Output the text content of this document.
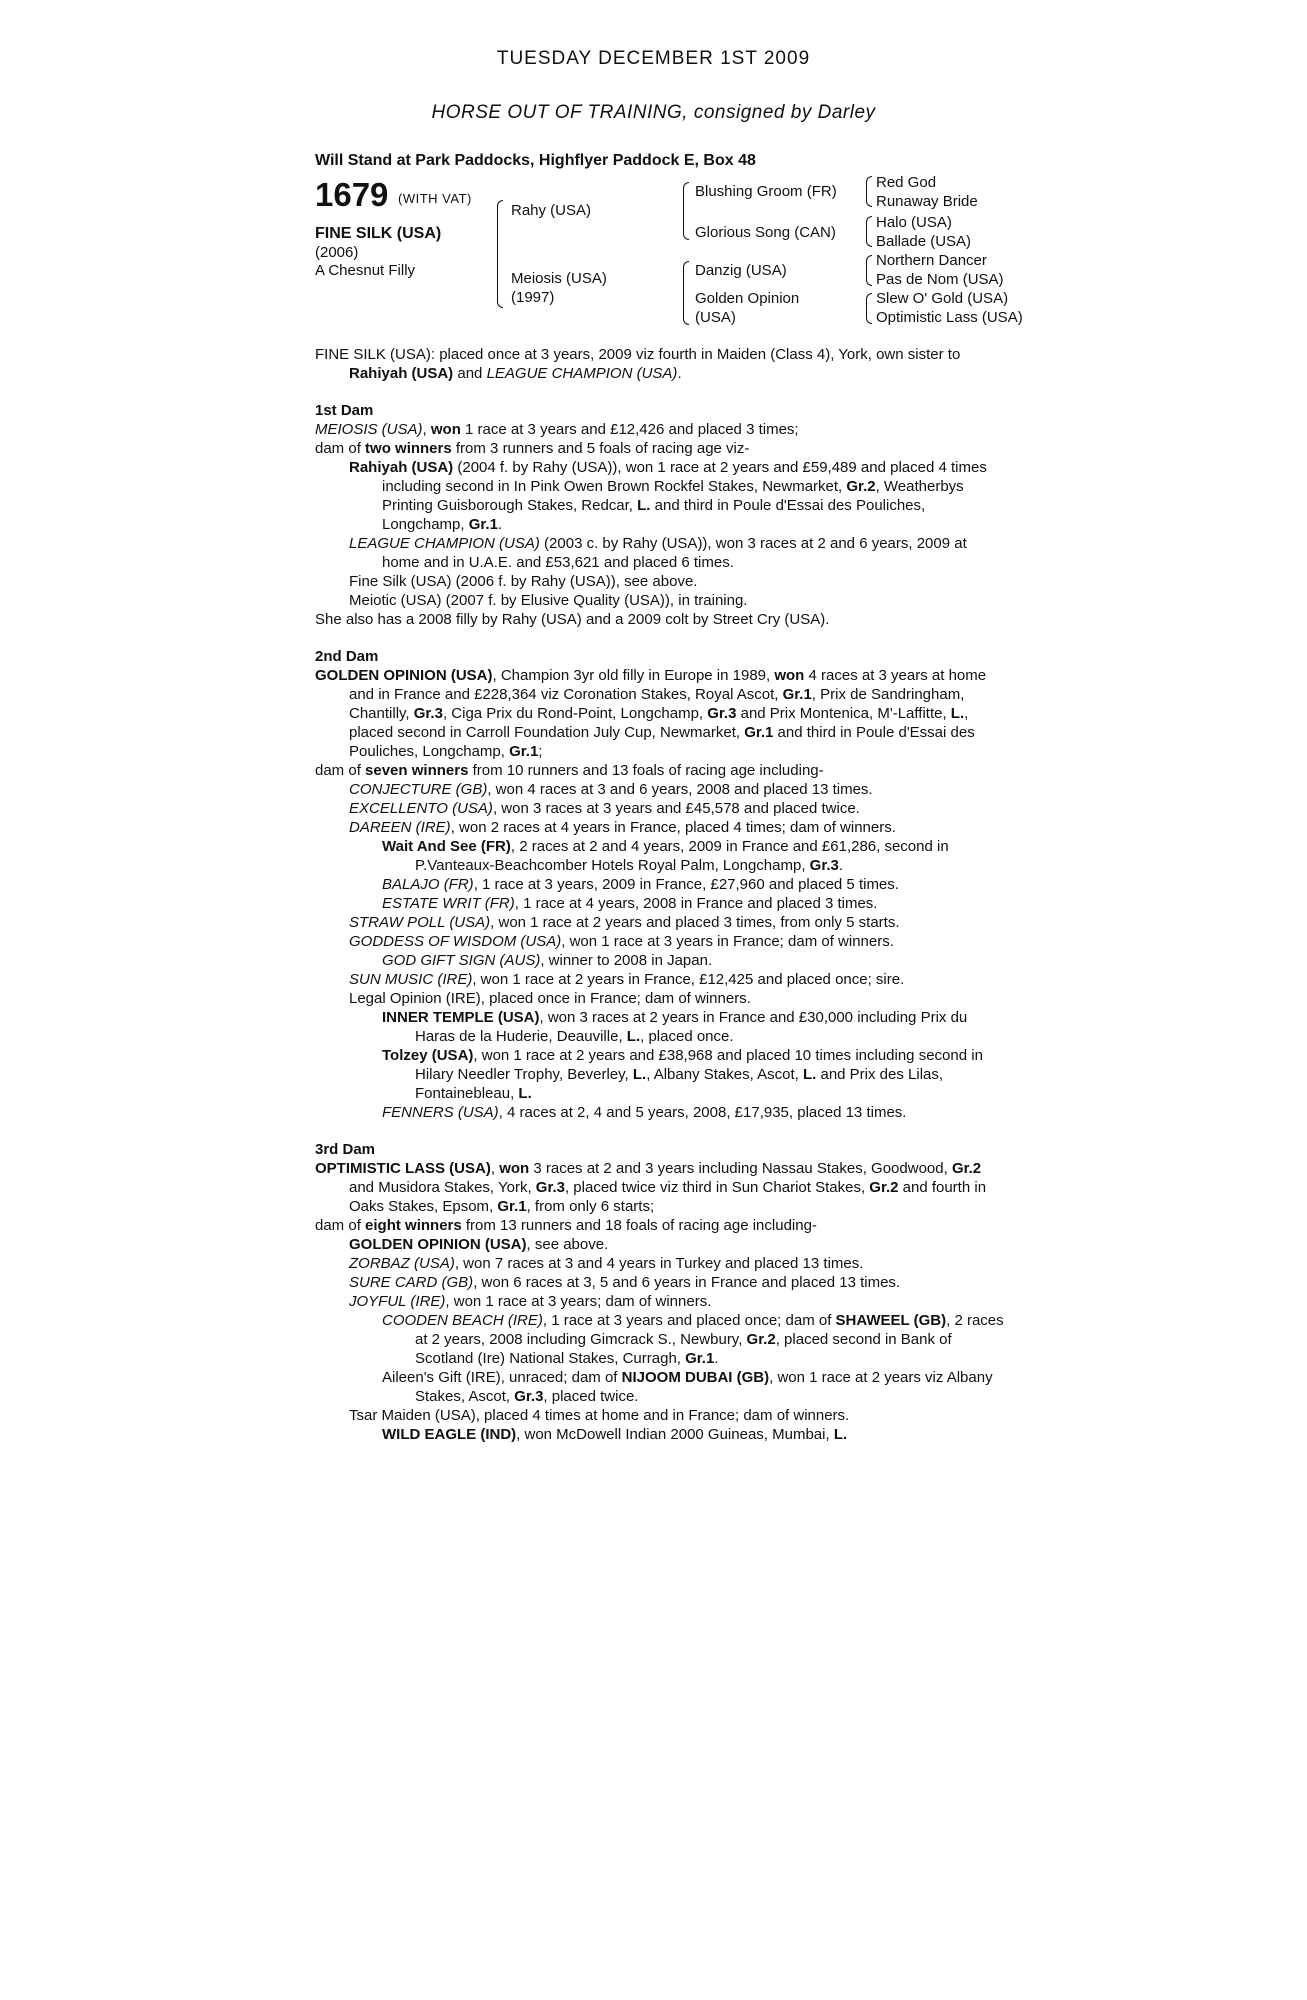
TUESDAY DECEMBER 1ST 2009
HORSE OUT OF TRAINING, consigned by Darley
Will Stand at Park Paddocks, Highflyer Paddock E, Box 48
1679 (WITH VAT)
FINE SILK (USA)
(2006)
A Chesnut Filly
Rahy (USA)
Meiosis (USA)
(1997)
Blushing Groom (FR)
Glorious Song (CAN)
Danzig (USA)
Golden Opinion
(USA)
Red God
Runaway Bride
Halo (USA)
Ballade (USA)
Northern Dancer
Pas de Nom (USA)
Slew O' Gold (USA)
Optimistic Lass (USA)

FINE SILK (USA): placed once at 3 years, 2009 viz fourth in Maiden (Class 4), York, own sister to Rahiyah (USA) and LEAGUE CHAMPION (USA).

1st Dam

MEIOSIS (USA), won 1 race at 3 years and £12,426 and placed 3 times;

dam of two winners from 3 runners and 5 foals of racing age viz-

Rahiyah (USA) (2004 f. by Rahy (USA)), won 1 race at 2 years and £59,489 and placed 4 times including second in In Pink Owen Brown Rockfel Stakes, Newmarket, Gr.2, Weatherbys Printing Guisborough Stakes, Redcar, L. and third in Poule d'Essai des Pouliches, Longchamp, Gr.1.

LEAGUE CHAMPION (USA) (2003 c. by Rahy (USA)), won 3 races at 2 and 6 years, 2009 at home and in U.A.E. and £53,621 and placed 6 times.

Fine Silk (USA) (2006 f. by Rahy (USA)), see above.

Meiotic (USA) (2007 f. by Elusive Quality (USA)), in training.

She also has a 2008 filly by Rahy (USA) and a 2009 colt by Street Cry (USA).

2nd Dam

GOLDEN OPINION (USA), Champion 3yr old filly in Europe in 1989, won 4 races at 3 years at home and in France and £228,364 viz Coronation Stakes, Royal Ascot, Gr.1, Prix de Sandringham, Chantilly, Gr.3, Ciga Prix du Rond-Point, Longchamp, Gr.3 and Prix Montenica, M'-Laffitte, L., placed second in Carroll Foundation July Cup, Newmarket, Gr.1 and third in Poule d'Essai des Pouliches, Longchamp, Gr.1;

dam of seven winners from 10 runners and 13 foals of racing age including-

CONJECTURE (GB), won 4 races at 3 and 6 years, 2008 and placed 13 times.

EXCELLENTO (USA), won 3 races at 3 years and £45,578 and placed twice.

DAREEN (IRE), won 2 races at 4 years in France, placed 4 times; dam of winners.

Wait And See (FR), 2 races at 2 and 4 years, 2009 in France and £61,286, second in P.Vanteaux-Beachcomber Hotels Royal Palm, Longchamp, Gr.3.

BALAJO (FR), 1 race at 3 years, 2009 in France, £27,960 and placed 5 times.

ESTATE WRIT (FR), 1 race at 4 years, 2008 in France and placed 3 times.

STRAW POLL (USA), won 1 race at 2 years and placed 3 times, from only 5 starts.

GODDESS OF WISDOM (USA), won 1 race at 3 years in France; dam of winners.

GOD GIFT SIGN (AUS), winner to 2008 in Japan.

SUN MUSIC (IRE), won 1 race at 2 years in France, £12,425 and placed once; sire.

Legal Opinion (IRE), placed once in France; dam of winners.

INNER TEMPLE (USA), won 3 races at 2 years in France and £30,000 including Prix du Haras de la Huderie, Deauville, L., placed once.

Tolzey (USA), won 1 race at 2 years and £38,968 and placed 10 times including second in Hilary Needler Trophy, Beverley, L., Albany Stakes, Ascot, L. and Prix des Lilas, Fontainebleau, L.

FENNERS (USA), 4 races at 2, 4 and 5 years, 2008, £17,935, placed 13 times.

3rd Dam

OPTIMISTIC LASS (USA), won 3 races at 2 and 3 years including Nassau Stakes, Goodwood, Gr.2 and Musidora Stakes, York, Gr.3, placed twice viz third in Sun Chariot Stakes, Gr.2 and fourth in Oaks Stakes, Epsom, Gr.1, from only 6 starts;

dam of eight winners from 13 runners and 18 foals of racing age including-

GOLDEN OPINION (USA), see above.

ZORBAZ (USA), won 7 races at 3 and 4 years in Turkey and placed 13 times.

SURE CARD (GB), won 6 races at 3, 5 and 6 years in France and placed 13 times.

JOYFUL (IRE), won 1 race at 3 years; dam of winners.

COODEN BEACH (IRE), 1 race at 3 years and placed once; dam of SHAWEEL (GB), 2 races at 2 years, 2008 including Gimcrack S., Newbury, Gr.2, placed second in Bank of Scotland (Ire) National Stakes, Curragh, Gr.1.

Aileen's Gift (IRE), unraced; dam of NIJOOM DUBAI (GB), won 1 race at 2 years viz Albany Stakes, Ascot, Gr.3, placed twice.

Tsar Maiden (USA), placed 4 times at home and in France; dam of winners.

WILD EAGLE (IND), won McDowell Indian 2000 Guineas, Mumbai, L.
